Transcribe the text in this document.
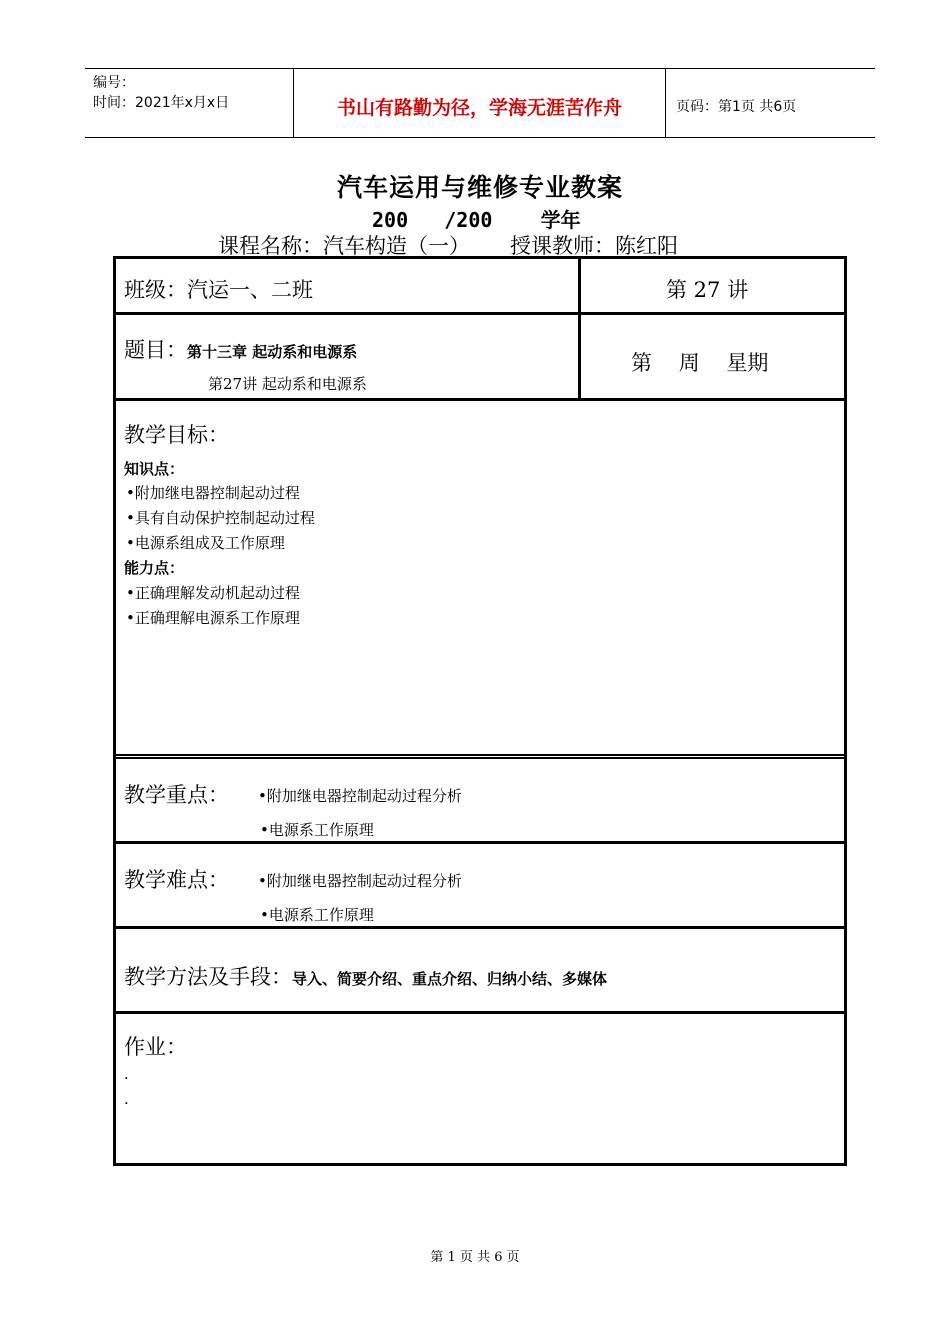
编号：
时间：2021年x月x日	书山有路勤为径，学海无涯苦作舟	页码：第1页 共6页
汽车运用与维修专业教案
200   /200    学年
课程名称：汽车构造（一）      授课教师：陈红阳
班级：汽运一、二班	第 27 讲
题目：第十三章 起动系和电源系
第27讲 起动系和电源系
第    周    星期
教学目标：
知识点：
•附加继电器控制起动过程
•具有自动保护控制起动过程
•电源系组成及工作原理
能力点：
•正确理解发动机起动过程
•正确理解电源系工作原理
教学重点： •附加继电器控制起动过程分析
•电源系工作原理
教学难点： •附加继电器控制起动过程分析
•电源系工作原理
教学方法及手段：导入、简要介绍、重点介绍、归纳小结、多媒体
作业：
.
.
第 1 页 共 6 页
